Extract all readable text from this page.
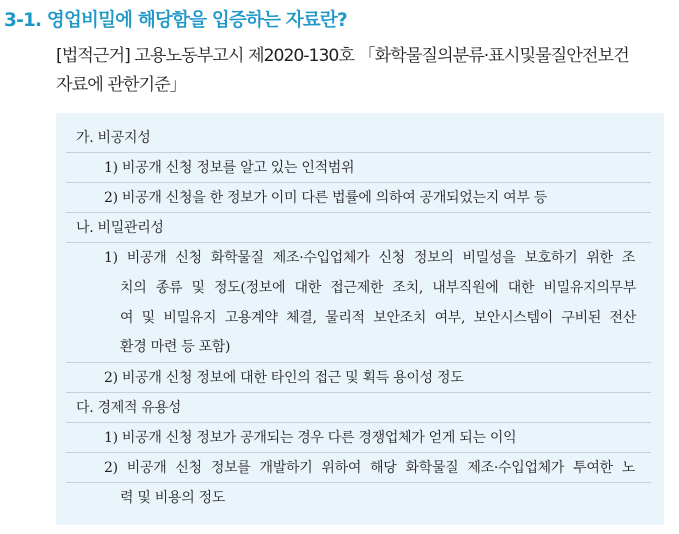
3-1. 영업비밀에 해당함을 입증하는 자료란?
[법적근거] 고용노동부고시 제2020-130호 「화학물질의분류·표시및물질안전보건
자료에 관한기준」
가. 비공지성
1) 비공개 신청 정보를 알고 있는 인적범위
2) 비공개 신청을 한 정보가 이미 다른 법률에 의하여 공개되었는지 여부 등
나. 비밀관리성
1) 비공개 신청 화학물질 제조·수입업체가 신청 정보의 비밀성을 보호하기 위한 조
치의 종류 및 정도(정보에 대한 접근제한 조치, 내부직원에 대한 비밀유지의무부
여 및 비밀유지 고용계약 체결, 물리적 보안조치 여부, 보안시스템이 구비된 전산
환경 마련 등 포함)
2) 비공개 신청 정보에 대한 타인의 접근 및 획득 용이성 정도
다. 경제적 유용성
1) 비공개 신청 정보가 공개되는 경우 다른 경쟁업체가 얻게 되는 이익
2) 비공개 신청 정보를 개발하기 위하여 해당 화학물질 제조·수입업체가 투여한 노
력 및 비용의 정도
